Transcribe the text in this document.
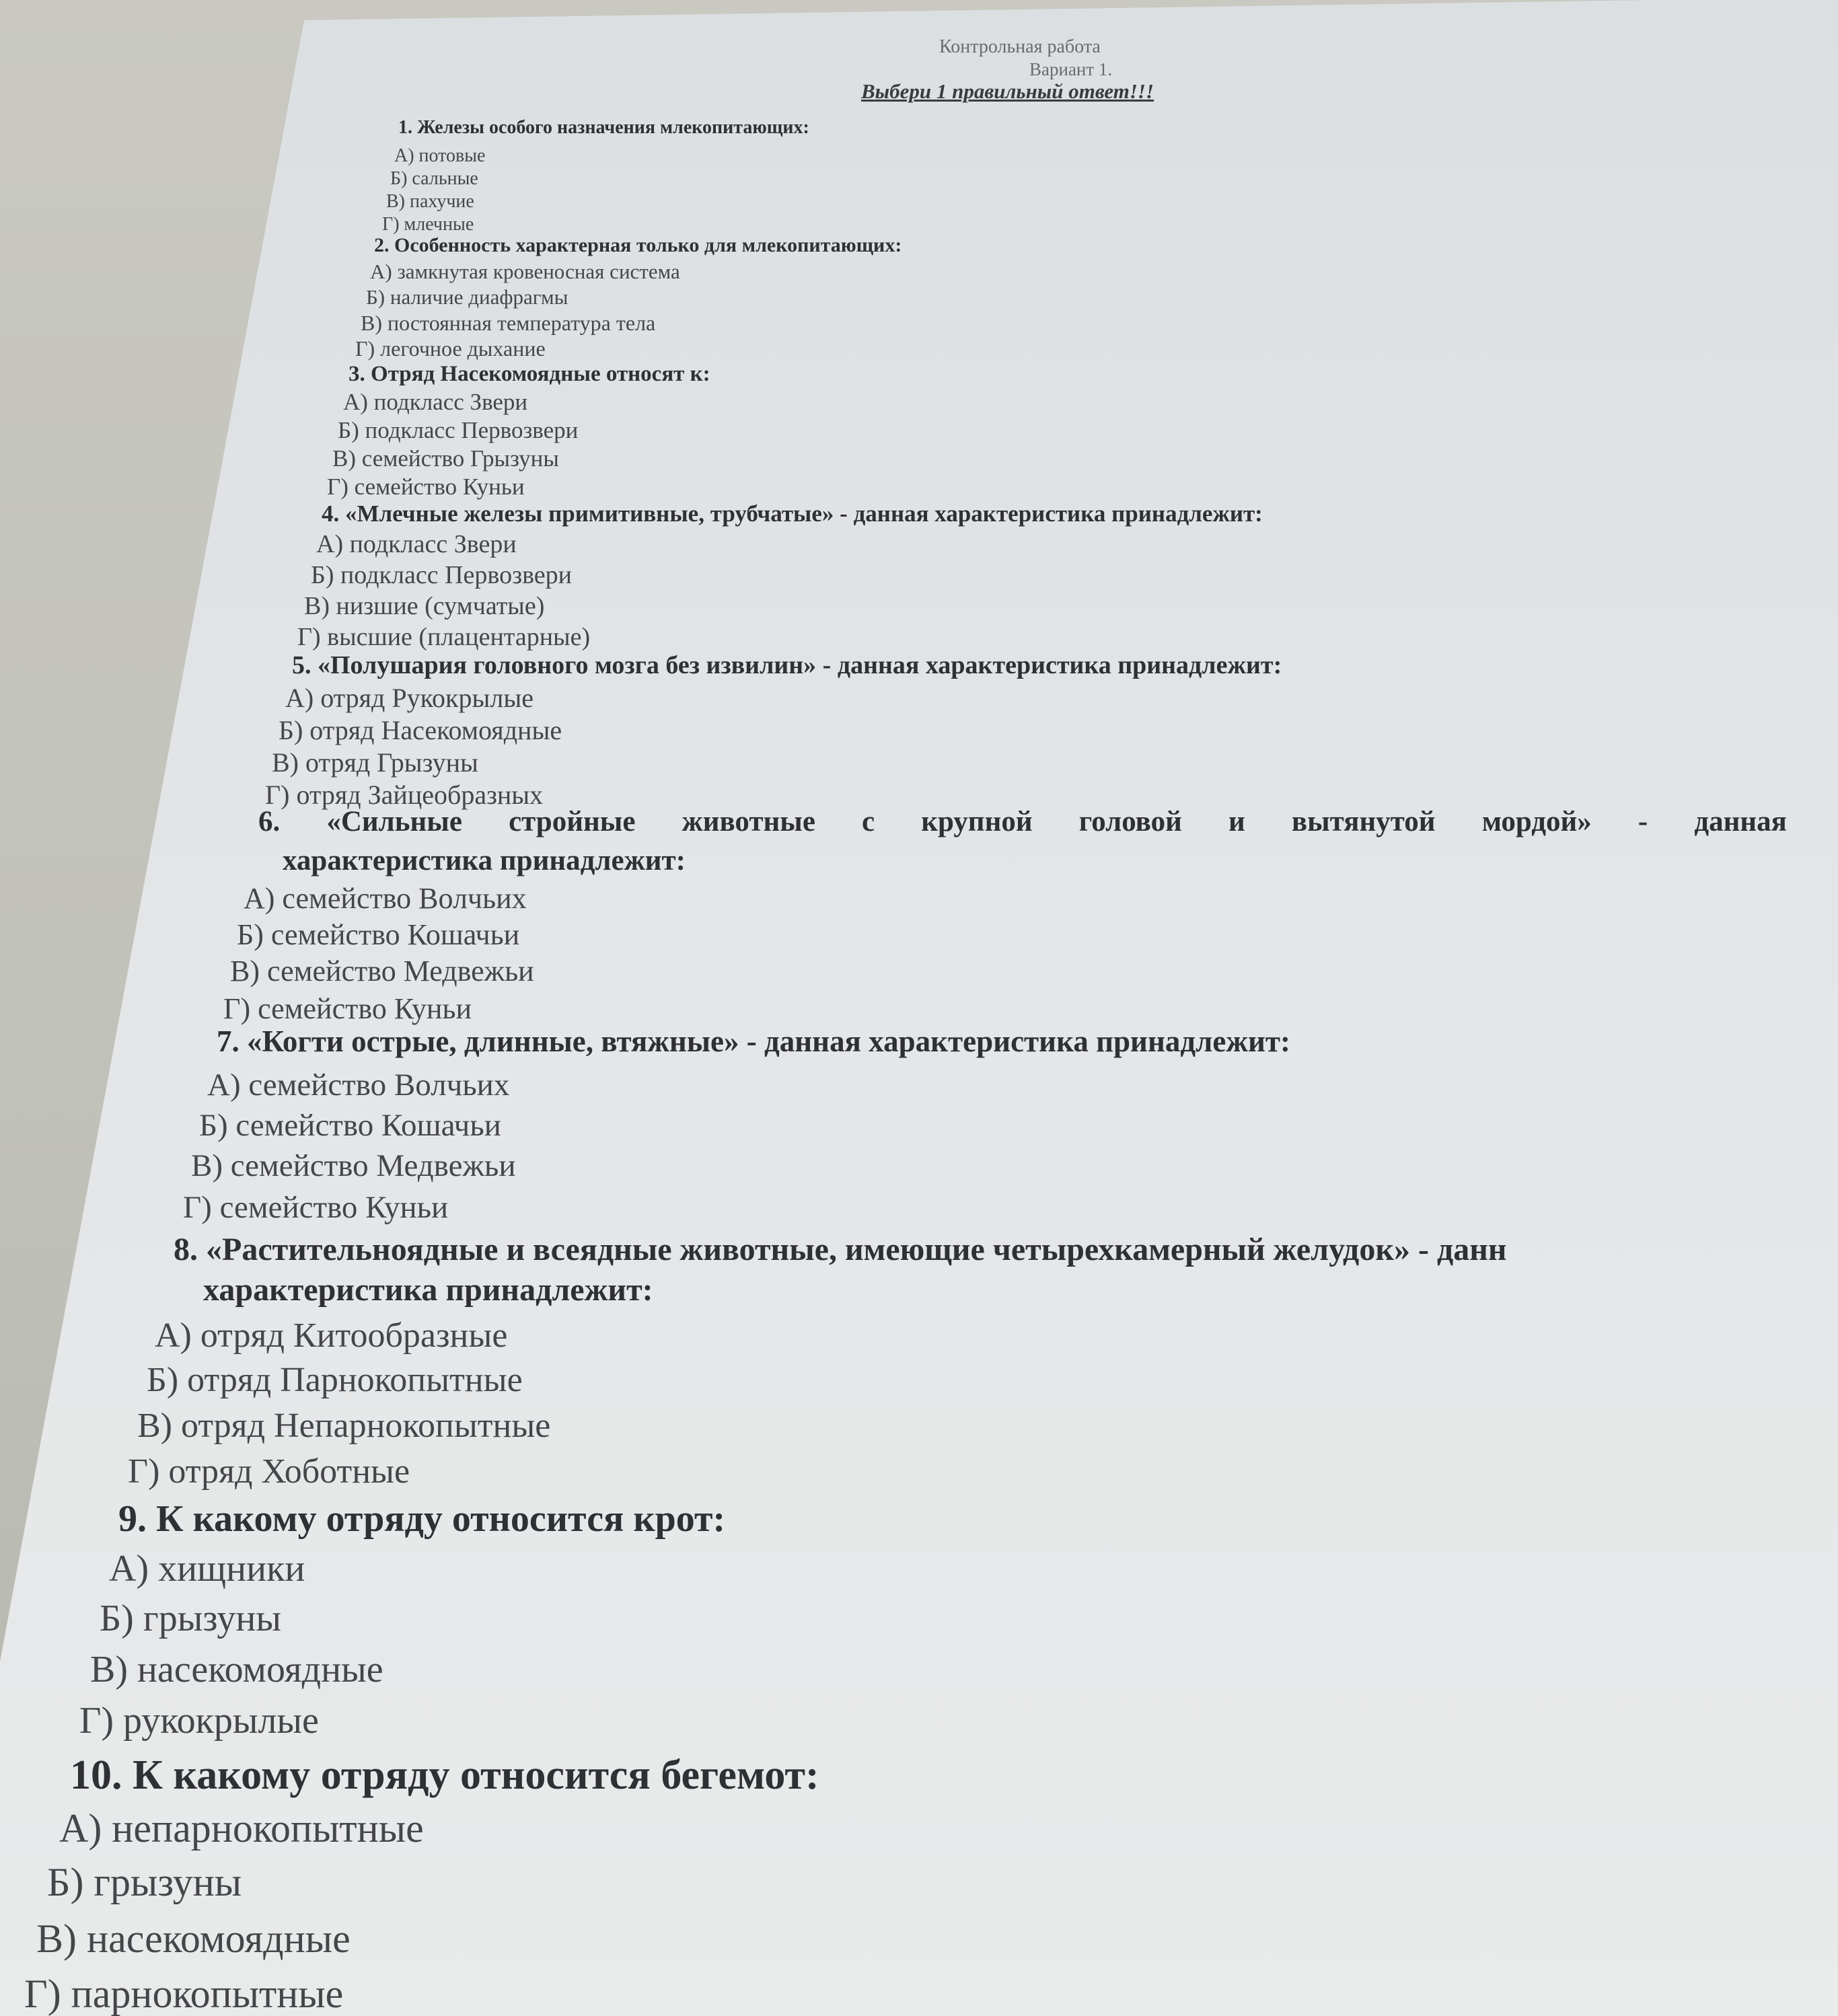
Контрольная работа
Вариант 1.
Выбери 1 правильный ответ!!!
1. Железы особого назначения млекопитающих:
А) потовые
Б) сальные
В) пахучие
Г) млечные
2. Особенность характерная только для млекопитающих:
А) замкнутая кровеносная система
Б) наличие диафрагмы
В) постоянная температура тела
Г) легочное дыхание
3. Отряд Насекомоядные относят к:
А) подкласс Звери
Б) подкласс Первозвери
В) семейство Грызуны
Г) семейство Куньи
4. «Млечные железы примитивные, трубчатые» - данная характеристика принадлежит:
А) подкласс Звери
Б) подкласс Первозвери
В) низшие (сумчатые)
Г) высшие (плацентарные)
5. «Полушария головного мозга без извилин» - данная характеристика принадлежит:
А) отряд Рукокрылые
Б) отряд Насекомоядные
В) отряд Грызуны
Г) отряд Зайцеобразных
6. «Сильные стройные животные с крупной головой и вытянутой мордой» - данная
характеристика принадлежит:
А) семейство Волчьих
Б) семейство Кошачьи
В) семейство Медвежьи
Г) семейство Куньи
7. «Когти острые, длинные, втяжные» - данная характеристика принадлежит:
А) семейство Волчьих
Б) семейство Кошачьи
В) семейство Медвежьи
Г) семейство Куньи
8. «Растительноядные и всеядные животные, имеющие четырехкамерный желудок» - данн
характеристика принадлежит:
А) отряд Китообразные
Б) отряд Парнокопытные
В) отряд Непарнокопытные
Г) отряд Хоботные
9. К какому отряду относится крот:
А) хищники
Б) грызуны
В) насекомоядные
Г) рукокрылые
10. К какому отряду относится бегемот:
А) непарнокопытные
Б) грызуны
В) насекомоядные
Г) парнокопытные
